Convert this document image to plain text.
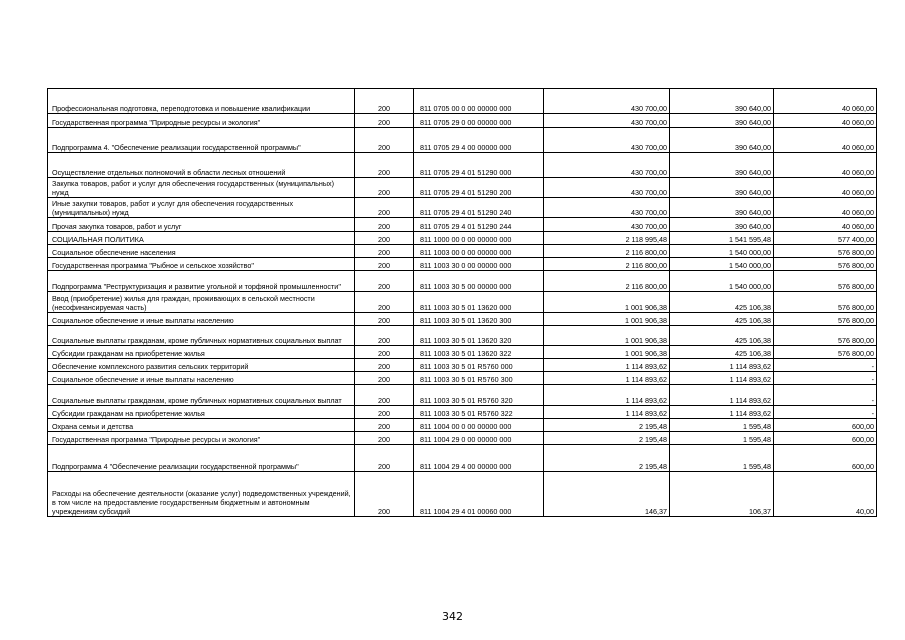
Профессиональная подготовка, переподготовка и повышение квалификации	200	811 0705 00 0 00 00000 000	430 700,00	390 640,00	40 060,00
Государственная программа "Природные ресурсы и экология"	200	811 0705 29 0 00 00000 000	430 700,00	390 640,00	40 060,00
Подпрограмма 4. "Обеспечение реализации государственной программы"	200	811 0705 29 4 00 00000 000	430 700,00	390 640,00	40 060,00
Осуществление отдельных полномочий в области лесных отношений	200	811 0705 29 4 01 51290 000	430 700,00	390 640,00	40 060,00
Закупка товаров, работ и услуг для обеспечения государственных (муниципальных) нужд	200	811 0705 29 4 01 51290 200	430 700,00	390 640,00	40 060,00
Иные закупки товаров, работ и услуг для обеспечения государственных (муниципальных) нужд	200	811 0705 29 4 01 51290 240	430 700,00	390 640,00	40 060,00
Прочая закупка товаров, работ и услуг	200	811 0705 29 4 01 51290 244	430 700,00	390 640,00	40 060,00
СОЦИАЛЬНАЯ ПОЛИТИКА	200	811 1000 00 0 00 00000 000	2 118 995,48	1 541 595,48	577 400,00
Социальное обеспечение населения	200	811 1003 00 0 00 00000 000	2 116 800,00	1 540 000,00	576 800,00
Государственная программа "Рыбное и сельское хозяйство"	200	811 1003 30 0 00 00000 000	2 116 800,00	1 540 000,00	576 800,00
Подпрограмма "Реструктуризация и развитие угольной и торфяной промышленности"	200	811 1003 30 5 00 00000 000	2 116 800,00	1 540 000,00	576 800,00
Ввод (приобретение) жилья для граждан, проживающих в сельской местности (несофинансируемая часть)	200	811 1003 30 5 01 13620 000	1 001 906,38	425 106,38	576 800,00
Социальное обеспечение и иные выплаты населению	200	811 1003 30 5 01 13620 300	1 001 906,38	425 106,38	576 800,00
Социальные выплаты гражданам, кроме публичных нормативных социальных выплат	200	811 1003 30 5 01 13620 320	1 001 906,38	425 106,38	576 800,00
Субсидии гражданам на приобретение жилья	200	811 1003 30 5 01 13620 322	1 001 906,38	425 106,38	576 800,00
Обеспечение комплексного развития сельских территорий	200	811 1003 30 5 01 R5760 000	1 114 893,62	1 114 893,62	-
Социальное обеспечение и иные выплаты населению	200	811 1003 30 5 01 R5760 300	1 114 893,62	1 114 893,62	-
Социальные выплаты гражданам, кроме публичных нормативных социальных выплат	200	811 1003 30 5 01 R5760 320	1 114 893,62	1 114 893,62	-
Субсидии гражданам на приобретение жилья	200	811 1003 30 5 01 R5760 322	1 114 893,62	1 114 893,62	-
Охрана семьи и детства	200	811 1004 00 0 00 00000 000	2 195,48	1 595,48	600,00
Государственная программа "Природные ресурсы и экология"	200	811 1004 29 0 00 00000 000	2 195,48	1 595,48	600,00
Подпрограмма 4 "Обеспечение реализации государственной программы"	200	811 1004 29 4 00 00000 000	2 195,48	1 595,48	600,00
Расходы на обеспечение деятельности (оказание услуг) подведомственных учреждений, в том числе на предоставление государственным бюджетным и автономным учреждениям субсидий	200	811 1004 29 4 01 00060 000	146,37	106,37	40,00
342
